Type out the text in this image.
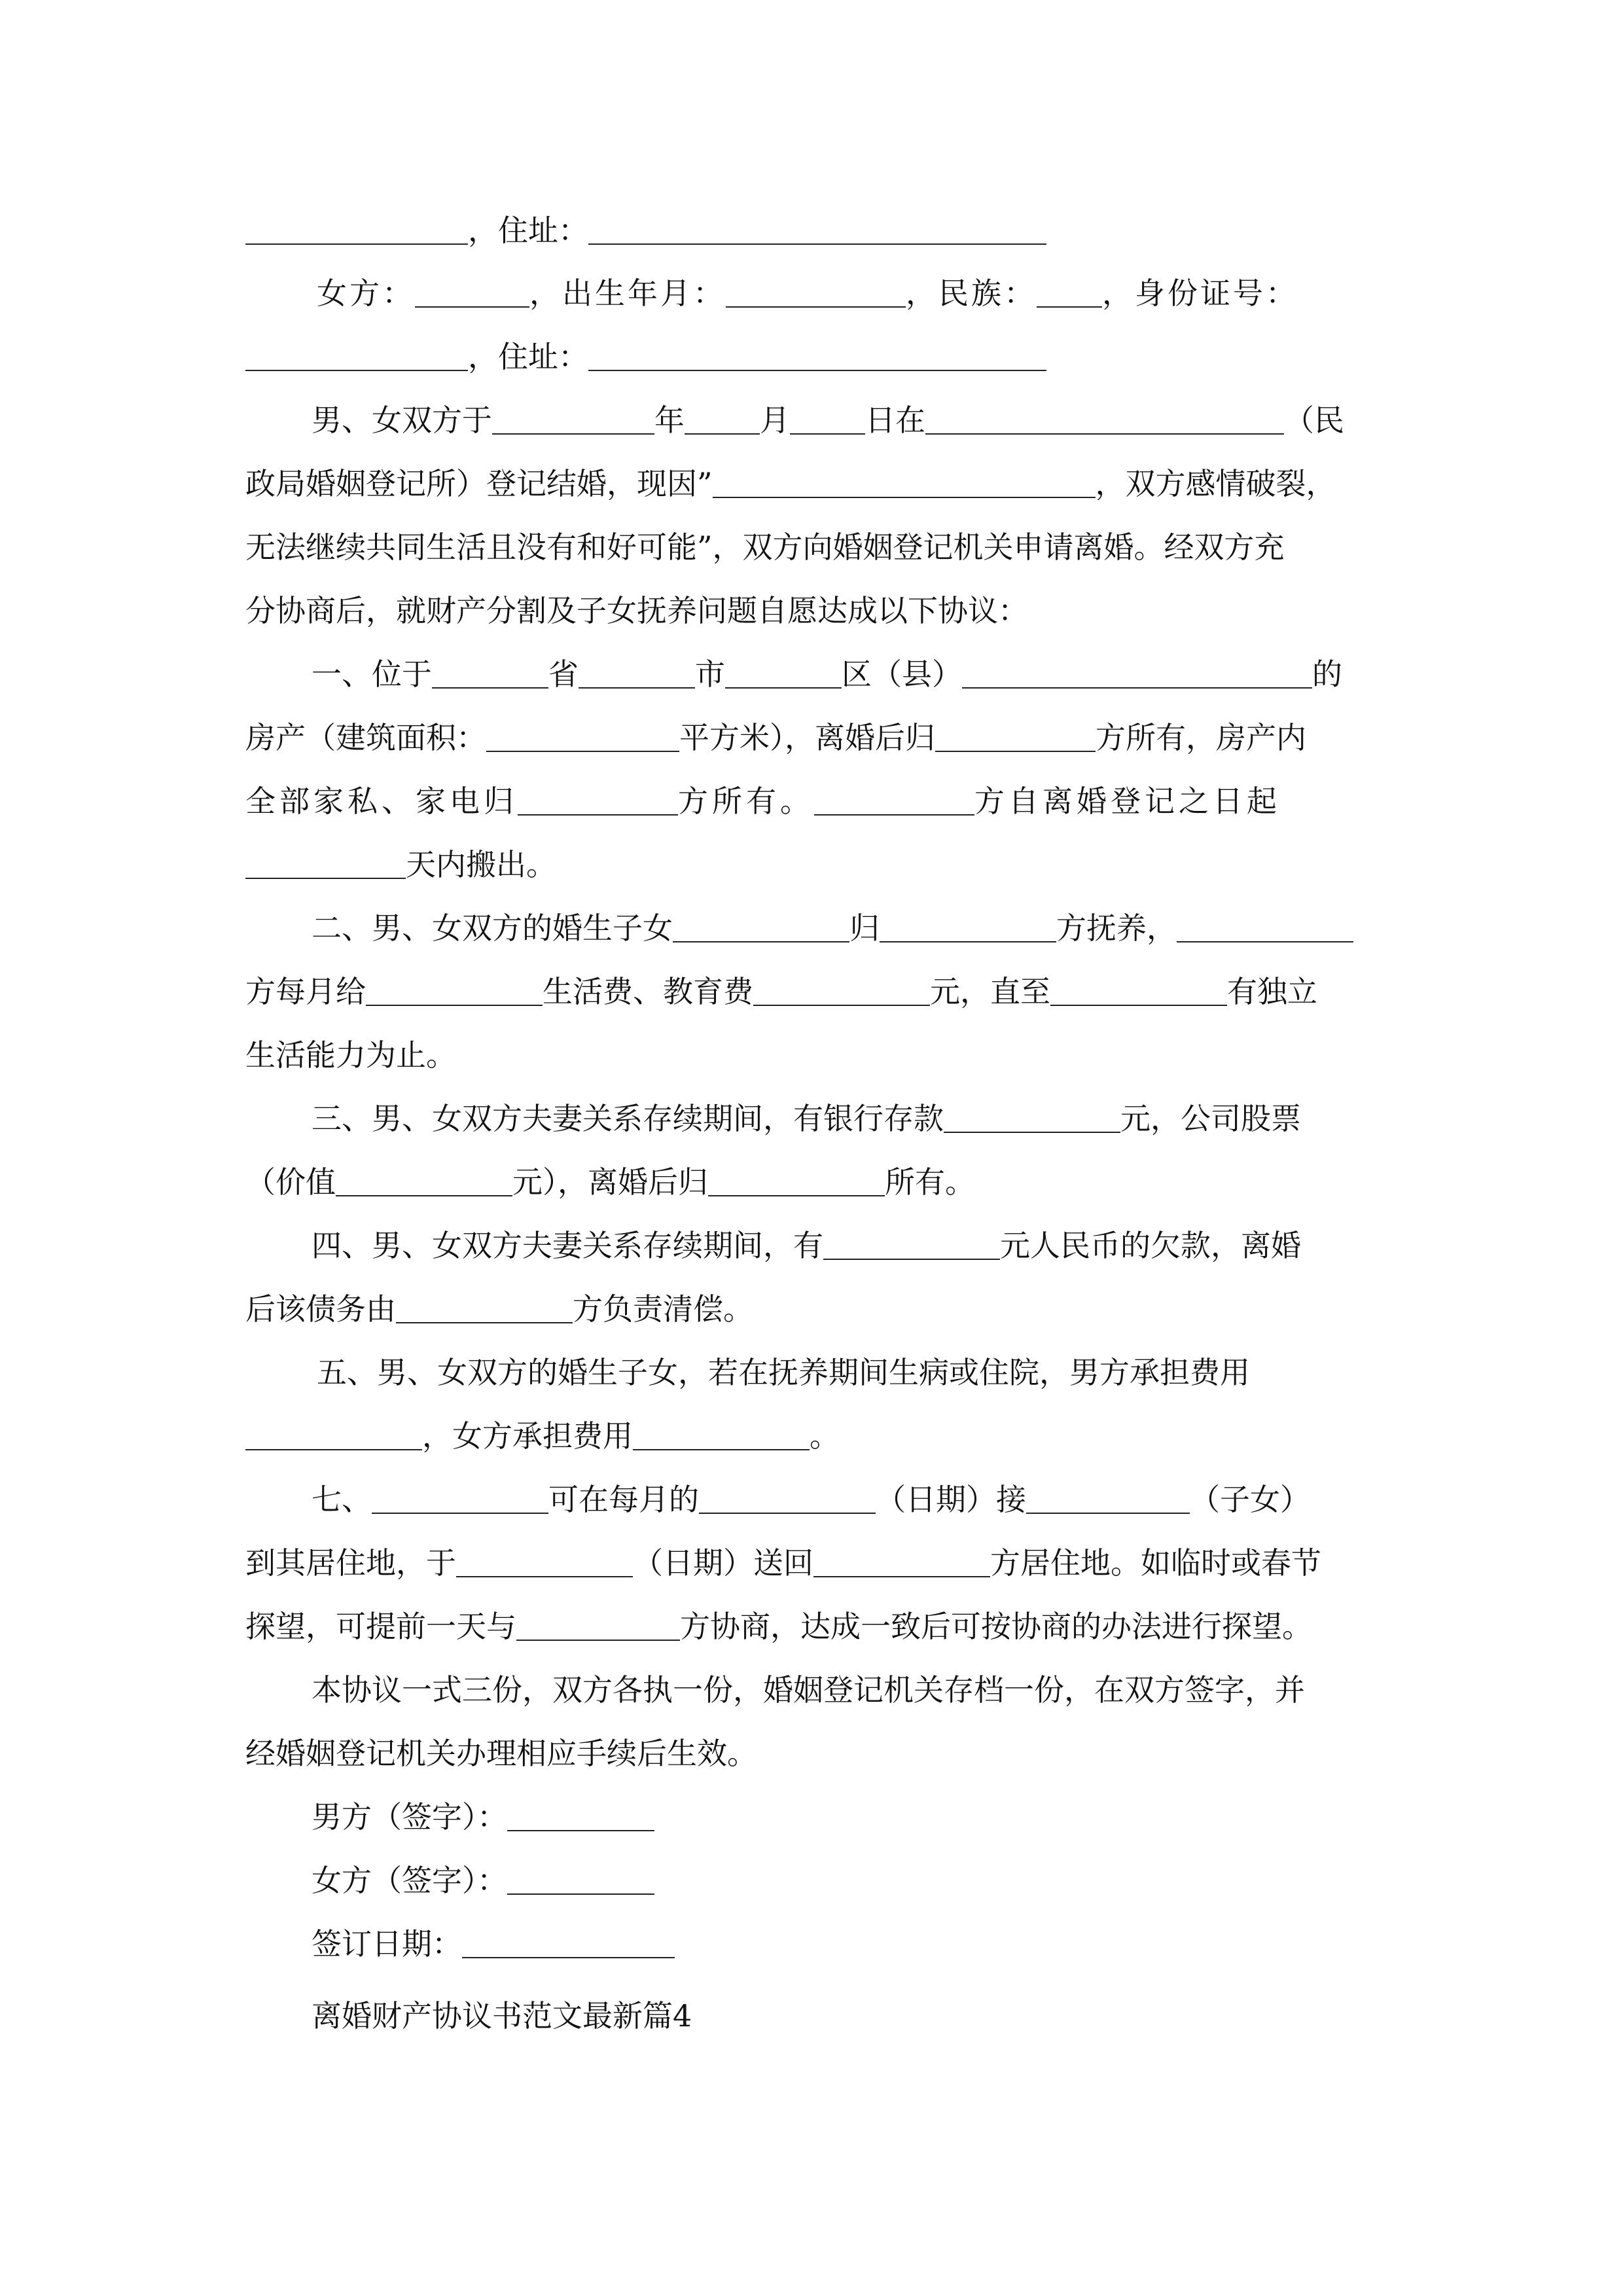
，住址：
女方：	，出生年月：	，民族： ，身份证号：
，住址：
男、女双方于	年	月	日在	（民
政局婚姻登记所）登记结婚，现因”	，双方感情破裂，
无法继续共同生活且没有和好可能”，双方向婚姻登记机关申请离婚。经双方充
分协商后，就财产分割及子女抚养问题自愿达成以下协议：
一、位于	省	市	区（县）	的
房产（建筑面积：	平方米），离婚后归	方所有，房产内
全部家私、家电归	方所有。	方自离婚登记之日起
天内搬出。
二、男、女双方的婚生子女	归	方抚养，
方每月给	生活费、教育费	元，直至	有独立
生活能力为止。
三、男、女双方夫妻关系存续期间，有银行存款	元，公司股票
（价值	元），离婚后归	所有。
四、男、女双方夫妻关系存续期间，有	元人民币的欠款，离婚
后该债务由	方负责清偿。
五、男、女双方的婚生子女，若在抚养期间生病或住院，男方承担费用
，女方承担费用	。
七、	可在每月的	（日期）接	（子女）
到其居住地，于	（日期）送回	方居住地。如临时或春节
探望，可提前一天与	方协商，达成一致后可按协商的办法进行探望。
本协议一式三份，双方各执一份，婚姻登记机关存档一份，在双方签字，并
经婚姻登记机关办理相应手续后生效。
男方（签字）：
女方（签字）：
签订日期：
离婚财产协议书范文最新篇4
